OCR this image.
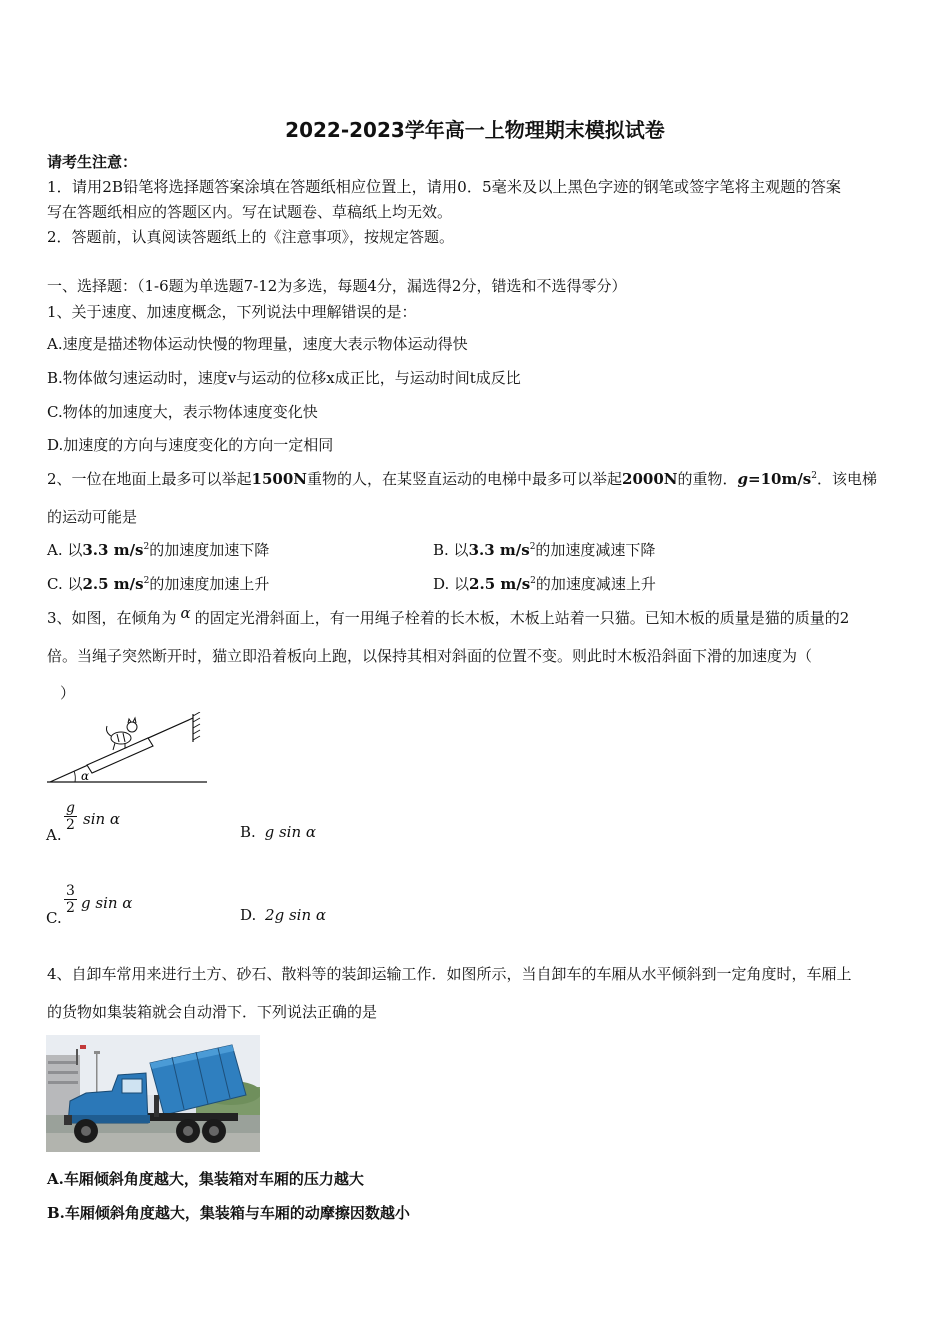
2022-2023学年高一上物理期末模拟试卷
请考生注意：
1．请用2B铅笔将选择题答案涂填在答题纸相应位置上，请用0．5毫米及以上黑色字迹的钢笔或签字笔将主观题的答案
写在答题纸相应的答题区内。写在试题卷、草稿纸上均无效。
2．答题前，认真阅读答题纸上的《注意事项》，按规定答题。
一、选择题：（1-6题为单选题7-12为多选，每题4分，漏选得2分，错选和不选得零分）
1、关于速度、加速度概念，下列说法中理解错误的是：
A.速度是描述物体运动快慢的物理量，速度大表示物体运动得快
B.物体做匀速运动时，速度v与运动的位移x成正比，与运动时间t成反比
C.物体的加速度大，表示物体速度变化快
D.加速度的方向与速度变化的方向一定相同
2、一位在地面上最多可以举起1500N重物的人，在某竖直运动的电梯中最多可以举起2000N的重物．$g=10m/s^2$．该电梯
的运动可能是
A. 以3.3 $m/s^2$的加速度加速下降	B. 以3.3 $m/s^2$的加速度减速下降
C. 以2.5 $m/s^2$的加速度加速上升	D. 以2.5 $m/s^2$的加速度减速上升
3、如图，在倾角为 α 的固定光滑斜面上，有一用绳子栓着的长木板，木板上站着一只猫。已知木板的质量是猫的质量的2
倍。当绳子突然断开时，猫立即沿着板向上跑，以保持其相对斜面的位置不变。则此时木板沿斜面下滑的加速度为（
）
α
A.
$\frac{g}{2}$ sin α
B. g sin α
C.
$\frac{3}{2}$ g sin α
D. 2g sin α
4、自卸车常用来进行土方、砂石、散料等的装卸运输工作．如图所示，当自卸车的车厢从水平倾斜到一定角度时，车厢上
的货物如集装箱就会自动滑下．下列说法正确的是
A.车厢倾斜角度越大，集装箱对车厢的压力越大
B.车厢倾斜角度越大，集装箱与车厢的动摩擦因数越小
